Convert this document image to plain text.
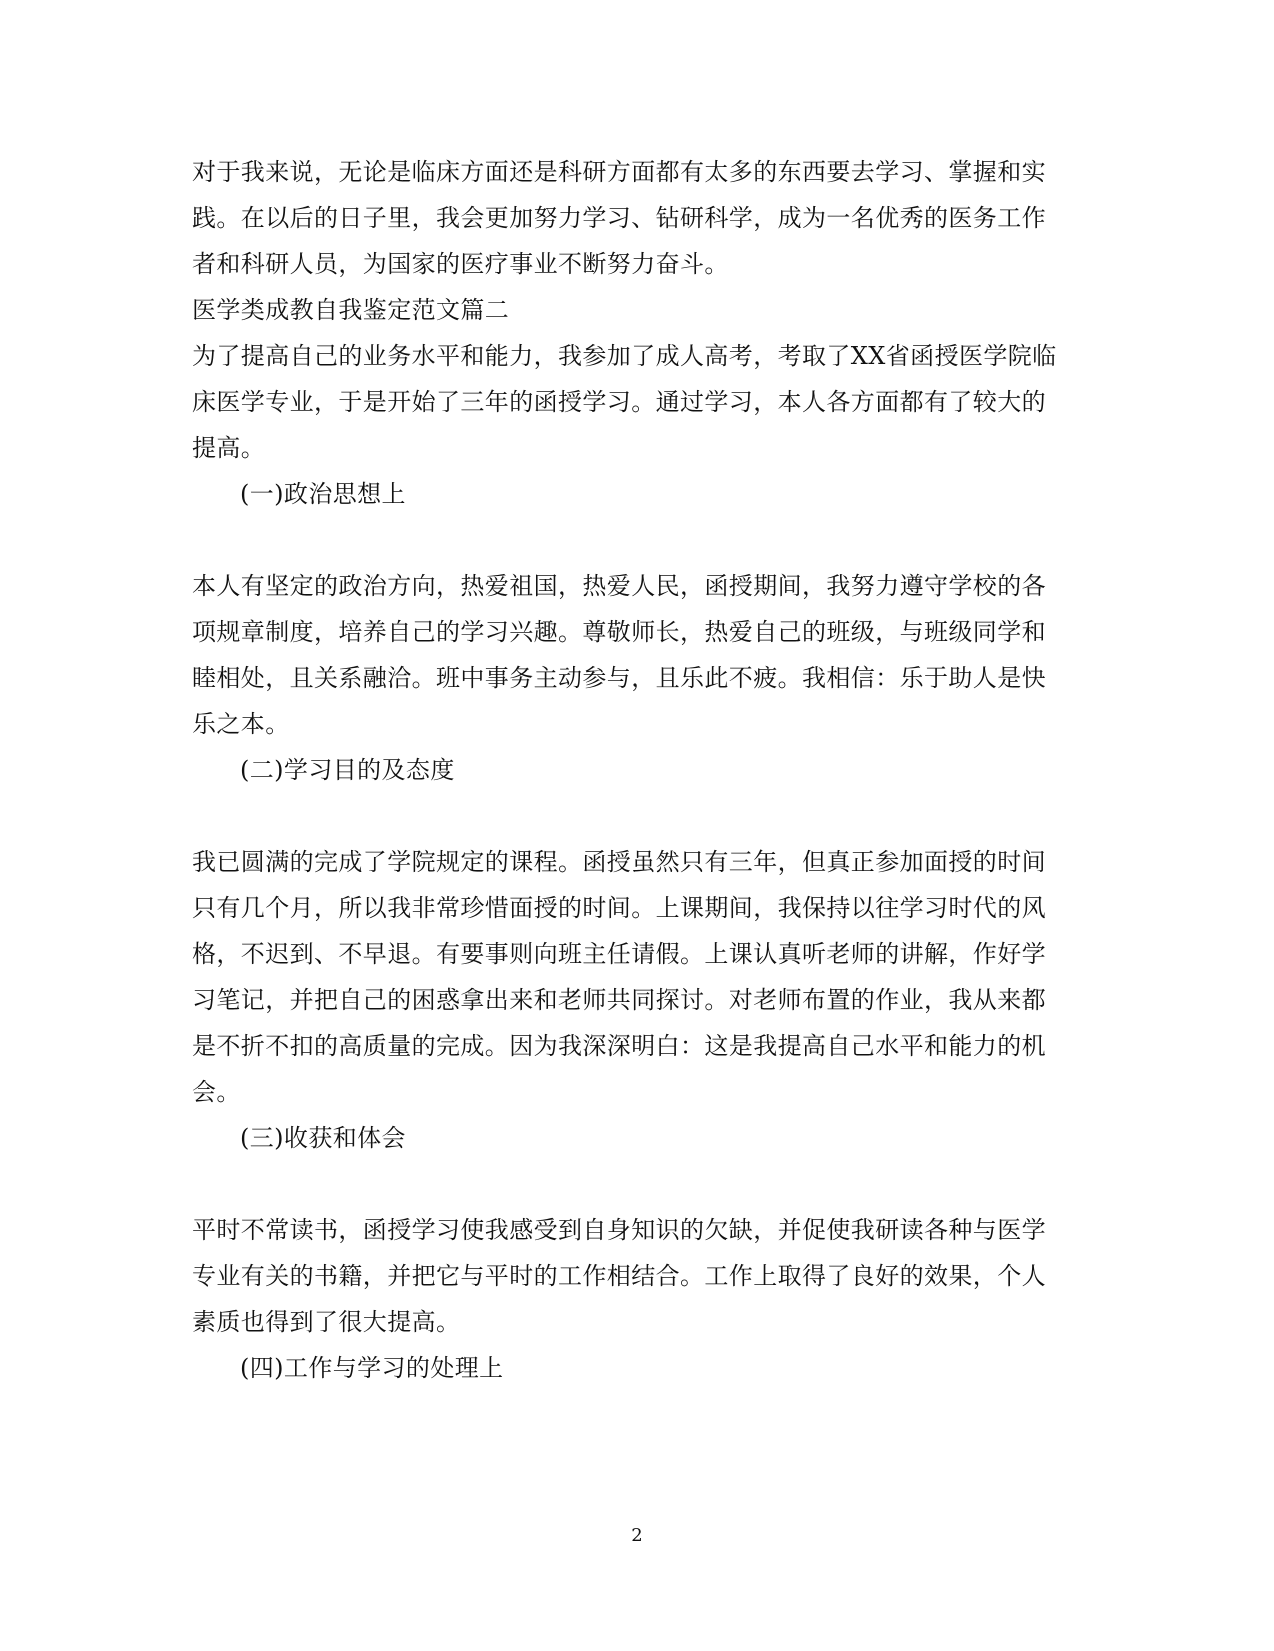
对于我来说，无论是临床方面还是科研方面都有太多的东西要去学习、掌握和实
践。在以后的日子里，我会更加努力学习、钻研科学，成为一名优秀的医务工作
者和科研人员，为国家的医疗事业不断努力奋斗。
医学类成教自我鉴定范文篇二
为了提高自己的业务水平和能力，我参加了成人高考，考取了XX省函授医学院临
床医学专业，于是开始了三年的函授学习。通过学习，本人各方面都有了较大的
提高。
(一)政治思想上
本人有坚定的政治方向，热爱祖国，热爱人民，函授期间，我努力遵守学校的各
项规章制度，培养自己的学习兴趣。尊敬师长，热爱自己的班级，与班级同学和
睦相处，且关系融洽。班中事务主动参与，且乐此不疲。我相信：乐于助人是快
乐之本。
(二)学习目的及态度
我已圆满的完成了学院规定的课程。函授虽然只有三年，但真正参加面授的时间
只有几个月，所以我非常珍惜面授的时间。上课期间，我保持以往学习时代的风
格，不迟到、不早退。有要事则向班主任请假。上课认真听老师的讲解，作好学
习笔记，并把自己的困惑拿出来和老师共同探讨。对老师布置的作业，我从来都
是不折不扣的高质量的完成。因为我深深明白：这是我提高自己水平和能力的机
会。
(三)收获和体会
平时不常读书，函授学习使我感受到自身知识的欠缺，并促使我研读各种与医学
专业有关的书籍，并把它与平时的工作相结合。工作上取得了良好的效果，个人
素质也得到了很大提高。
(四)工作与学习的处理上
2
